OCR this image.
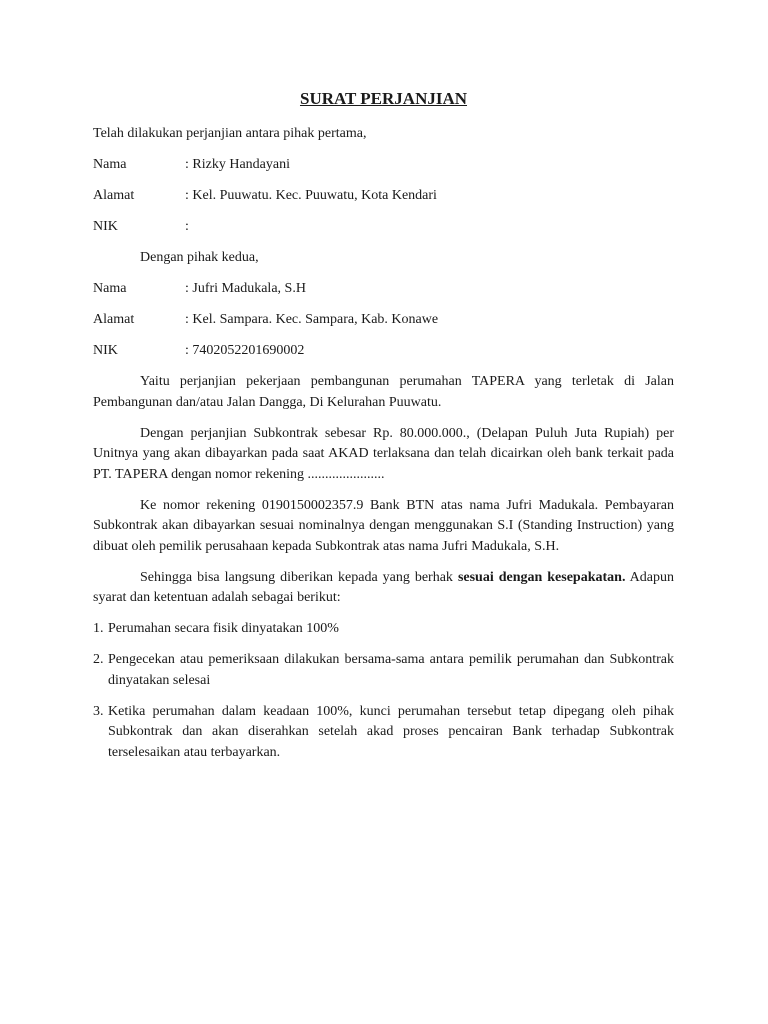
SURAT PERJANJIAN

Telah dilakukan perjanjian antara pihak pertama,

Nama	: Rizky Handayani
Alamat	: Kel. Puuwatu. Kec. Puuwatu, Kota Kendari
NIK	:

Dengan pihak kedua,

Nama	: Jufri Madukala, S.H
Alamat	: Kel. Sampara. Kec. Sampara, Kab. Konawe
NIK	: 7402052201690002

Yaitu perjanjian pekerjaan pembangunan perumahan TAPERA yang terletak di Jalan Pembangunan dan/atau Jalan Dangga, Di Kelurahan Puuwatu.

Dengan perjanjian Subkontrak sebesar Rp. 80.000.000., (Delapan Puluh Juta Rupiah) per Unitnya yang akan dibayarkan pada saat AKAD terlaksana dan telah dicairkan oleh bank terkait pada PT. TAPERA dengan nomor rekening ......................

Ke nomor rekening 0190150002357.9 Bank BTN atas nama Jufri Madukala. Pembayaran Subkontrak akan dibayarkan sesuai nominalnya dengan menggunakan S.I (Standing Instruction) yang dibuat oleh pemilik perusahaan kepada Subkontrak atas nama Jufri Madukala, S.H.

Sehingga bisa langsung diberikan kepada yang berhak sesuai dengan kesepakatan. Adapun syarat dan ketentuan adalah sebagai berikut:

1. Perumahan secara fisik dinyatakan 100%
2. Pengecekan atau pemeriksaan dilakukan bersama-sama antara pemilik perumahan dan Subkontrak dinyatakan selesai
3. Ketika perumahan dalam keadaan 100%, kunci perumahan tersebut tetap dipegang oleh pihak Subkontrak dan akan diserahkan setelah akad proses pencairan Bank terhadap Subkontrak terselesaikan atau terbayarkan.
